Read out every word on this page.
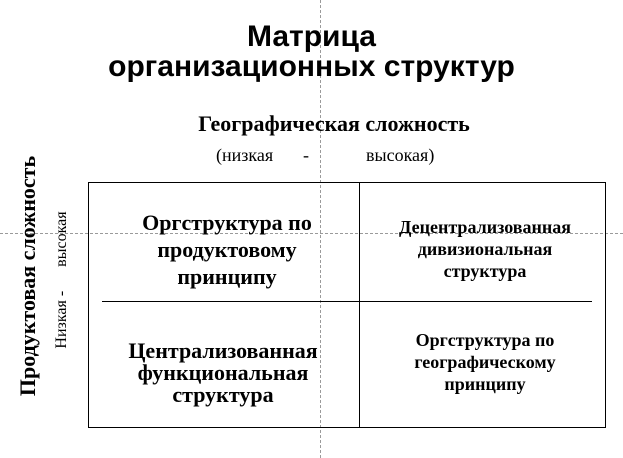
Матрица
организационных структур
Географическая сложность
(низкая -	высокая)
Продуктовая сложность Низкая -      высокая	Оргструктура по
продуктовому
принципу
Децентрализованная
дивизиональная
структура
Централизованная
функциональная
структура
Оргструктура по
географическому
принципу
